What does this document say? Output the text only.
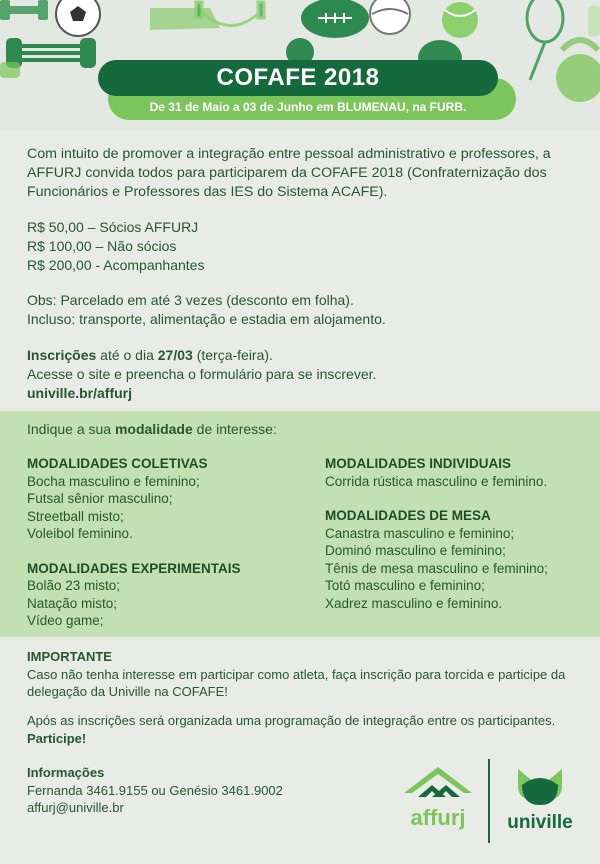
COFAFE 2018
De 31 de Maio a 03 de Junho em BLUMENAU, na FURB.
Com intuito de promover a integração entre pessoal administrativo e professores, a AFFURJ convida todos para participarem da COFAFE 2018 (Confraternização dos Funcionários e Professores das IES do Sistema ACAFE).
R$ 50,00 – Sócios AFFURJ
R$ 100,00 – Não sócios
R$ 200,00 - Acompanhantes
Obs: Parcelado em até 3 vezes (desconto em folha).
Incluso: transporte, alimentação e estadia em alojamento.
Inscrições até o dia 27/03 (terça-feira).
Acesse o site e preencha o formulário para se inscrever.
univille.br/affurj
Indique a sua modalidade de interesse:
MODALIDADES COLETIVAS
Bocha masculino e feminino;
Futsal sênior masculino;
Streetball misto;
Voleibol feminino.
MODALIDADES EXPERIMENTAIS
Bolão 23 misto;
Natação misto;
Vídeo game;
MODALIDADES INDIVIDUAIS
Corrida rústica masculino e feminino.
MODALIDADES DE MESA
Canastra masculino e feminino;
Dominó masculino e feminino;
Tênis de mesa masculino e feminino;
Totó masculino e feminino;
Xadrez masculino e feminino.
IMPORTANTE
Caso não tenha interesse em participar como atleta, faça inscrição para torcida e participe da delegação da Univille na COFAFE!
Após as inscrições será organizada uma programação de integração entre os participantes.
Participe!
Informações
Fernanda 3461.9155 ou Genésio 3461.9002
affurj@univille.br	affurj univille
